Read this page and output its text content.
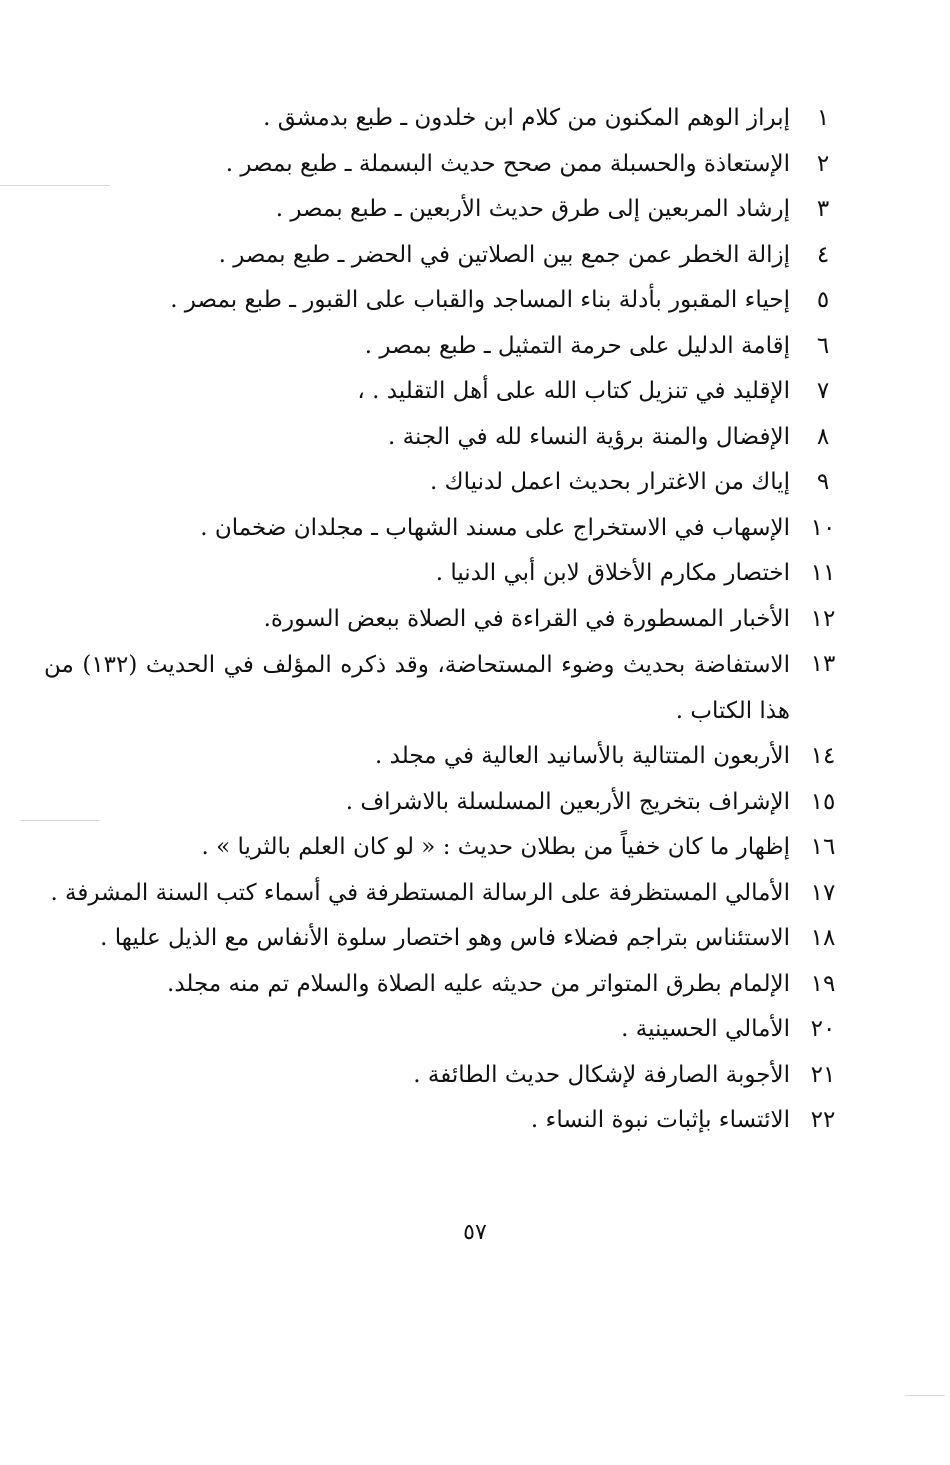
١
إبراز الوهم المكنون من كلام ابن خلدون ـ طبع بدمشق .
٢
الإستعاذة والحسبلة ممن صحح حديث البسملة ـ طبع بمصر .
٣
إرشاد المربعين إلى طرق حديث الأربعين ـ طبع بمصر .
٤
إزالة الخطر عمن جمع بين الصلاتين في الحضر ـ طبع بمصر .
٥
إحياء المقبور بأدلة بناء المساجد والقباب على القبور ـ طبع بمصر .
٦
إقامة الدليل على حرمة التمثيل ـ طبع بمصر .
٧
الإقليد في تنزيل كتاب الله على أهل التقليد . ،
٨
الإفضال والمنة برؤية النساء لله في الجنة .
٩
إياك من الاغترار بحديث اعمل لدنياك .
١٠
الإسهاب في الاستخراج على مسند الشهاب ـ مجلدان ضخمان .
١١
اختصار مكارم الأخلاق لابن أبي الدنيا .
١٢
الأخبار المسطورة في القراءة في الصلاة ببعض السورة.
١٣
الاستفاضة بحديث وضوء المستحاضة، وقد ذكره المؤلف في الحديث (١٣٢) من هذا الكتاب .
١٤
الأربعون المتتالية بالأسانيد العالية في مجلد .
١٥
الإشراف بتخريج الأربعين المسلسلة بالاشراف .
١٦
إظهار ما كان خفياً من بطلان حديث : « لو كان العلم بالثريا » .
١٧
الأمالي المستظرفة على الرسالة المستطرفة في أسماء كتب السنة المشرفة .
١٨
الاستئناس بتراجم فضلاء فاس وهو اختصار سلوة الأنفاس مع الذيل عليها .
١٩
الإلمام بطرق المتواتر من حديثه عليه الصلاة والسلام تم منه مجلد.
٢٠
الأمالي الحسينية .
٢١
الأجوبة الصارفة لإشكال حديث الطائفة .
٢٢
الائتساء بإثبات نبوة النساء .
٥٧
